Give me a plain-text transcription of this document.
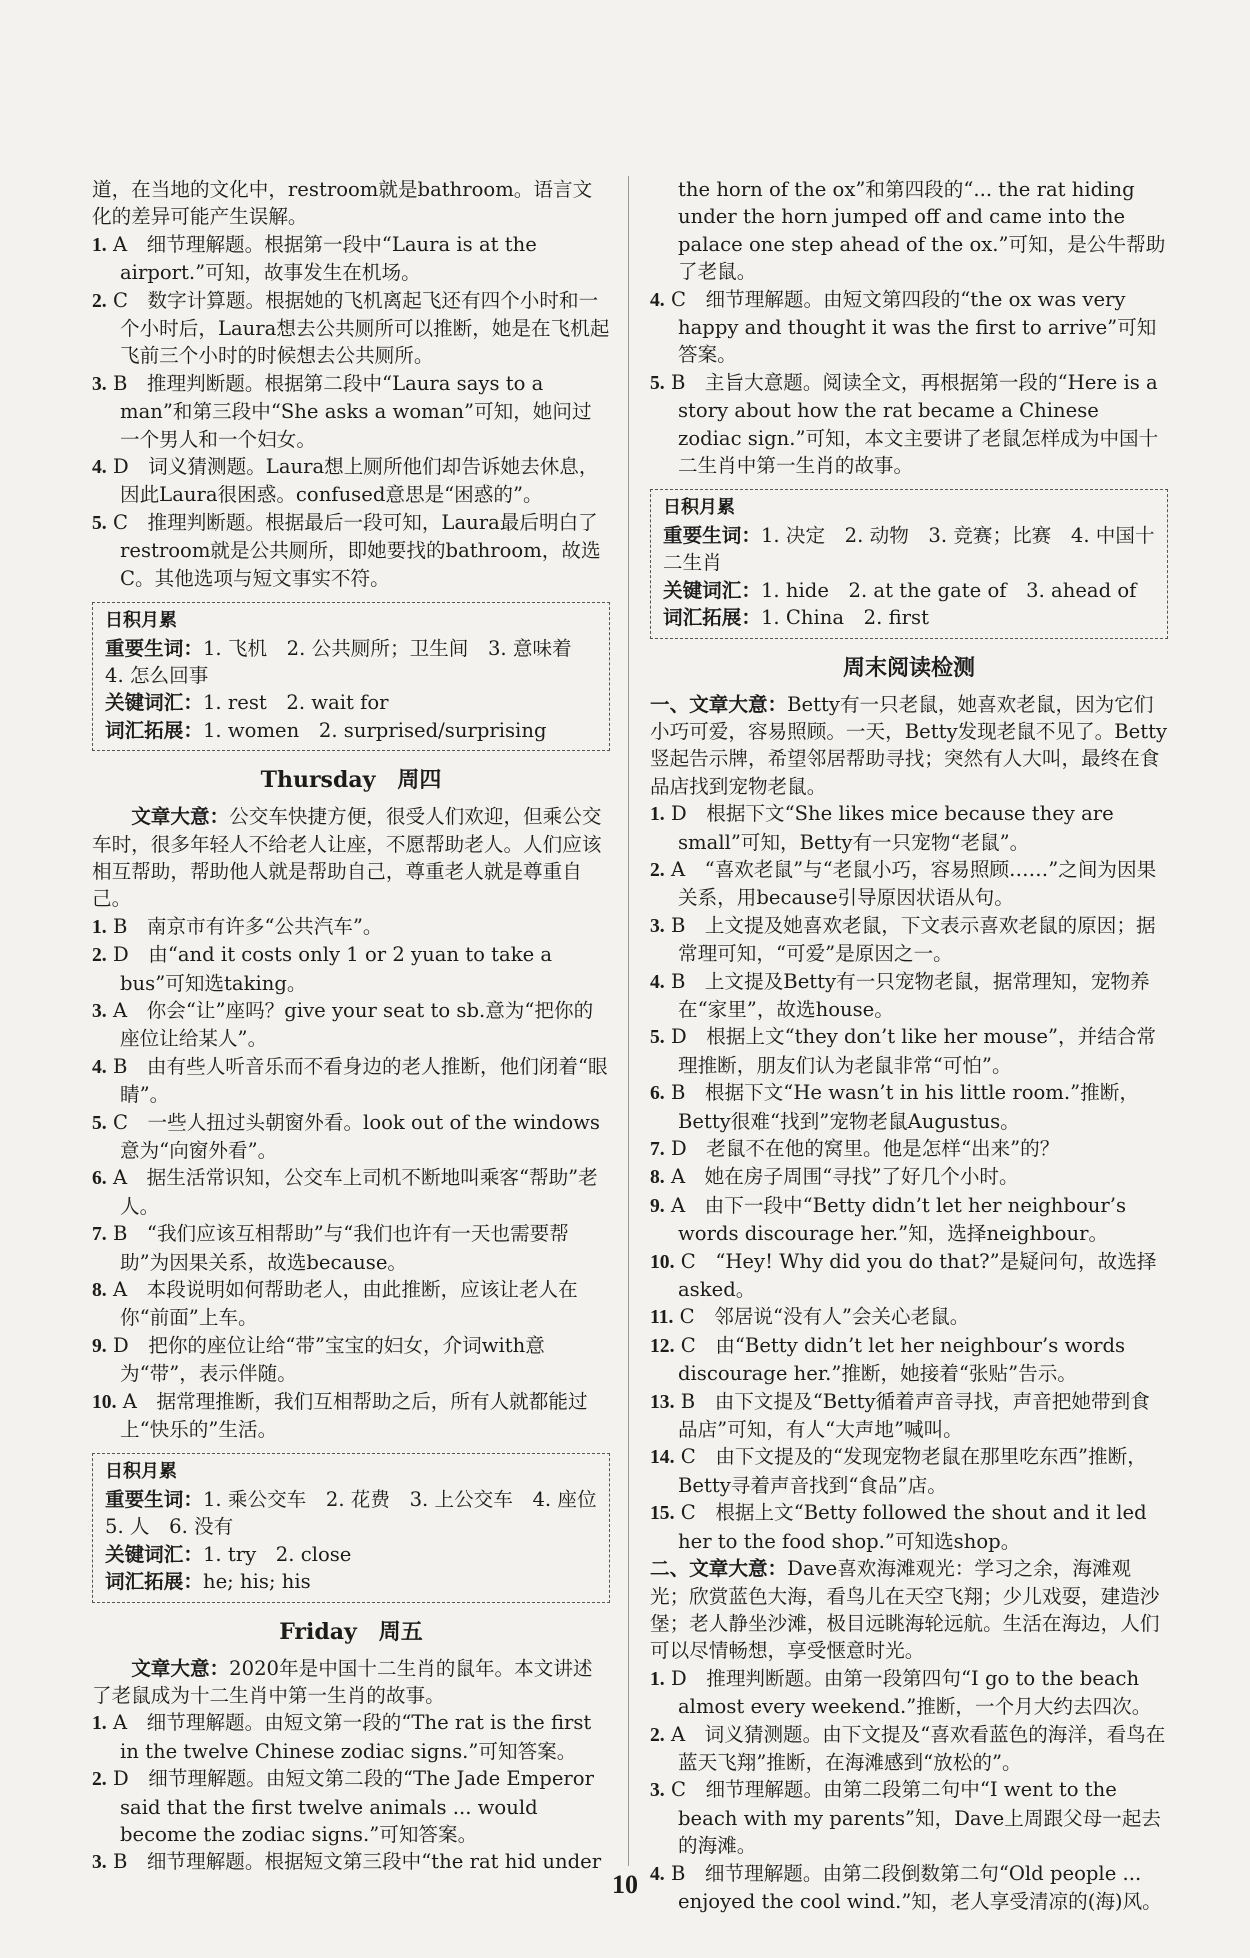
道，在当地的文化中，restroom就是bathroom。语言文化的差异可能产生误解。

1. A　细节理解题。根据第一段中“Laura is at the airport.”可知，故事发生在机场。

2. C　数字计算题。根据她的飞机离起飞还有四个小时和一个小时后，Laura想去公共厕所可以推断，她是在飞机起飞前三个小时的时候想去公共厕所。

3. B　推理判断题。根据第二段中“Laura says to a man”和第三段中“She asks a woman”可知，她问过一个男人和一个妇女。

4. D　词义猜测题。Laura想上厕所他们却告诉她去休息，因此Laura很困惑。confused意思是“困惑的”。

5. C　推理判断题。根据最后一段可知，Laura最后明白了restroom就是公共厕所，即她要找的bathroom，故选C。其他选项与短文事实不符。

日积月累
重要生词：1. 飞机　2. 公共厕所；卫生间　3. 意味着　4. 怎么回事
关键词汇：1. rest　2. wait for
词汇拓展：1. women　2. surprised/surprising
Thursday　周四

文章大意：公交车快捷方便，很受人们欢迎，但乘公交车时，很多年轻人不给老人让座，不愿帮助老人。人们应该相互帮助，帮助他人就是帮助自己，尊重老人就是尊重自己。

1. B　南京市有许多“公共汽车”。

2. D　由“and it costs only 1 or 2 yuan to take a bus”可知选taking。

3. A　你会“让”座吗？give your seat to sb.意为“把你的座位让给某人”。

4. B　由有些人听音乐而不看身边的老人推断，他们闭着“眼睛”。

5. C　一些人扭过头朝窗外看。look out of the windows意为“向窗外看”。

6. A　据生活常识知，公交车上司机不断地叫乘客“帮助”老人。

7. B　“我们应该互相帮助”与“我们也许有一天也需要帮助”为因果关系，故选because。

8. A　本段说明如何帮助老人，由此推断，应该让老人在你“前面”上车。

9. D　把你的座位让给“带”宝宝的妇女，介词with意为“带”，表示伴随。

10. A　据常理推断，我们互相帮助之后，所有人就都能过上“快乐的”生活。

日积月累
重要生词：1. 乘公交车　2. 花费　3. 上公交车　4. 座位　5. 人　6. 没有
关键词汇：1. try　2. close
词汇拓展：he; his; his
Friday　周五

文章大意：2020年是中国十二生肖的鼠年。本文讲述了老鼠成为十二生肖中第一生肖的故事。

1. A　细节理解题。由短文第一段的“The rat is the first in the twelve Chinese zodiac signs.”可知答案。

2. D　细节理解题。由短文第二段的“The Jade Emperor said that the first twelve animals ... would become the zodiac signs.”可知答案。

3. B　细节理解题。根据短文第三段中“the rat hid under

the horn of the ox”和第四段的“... the rat hiding under the horn jumped off and came into the palace one step ahead of the ox.”可知，是公牛帮助了老鼠。

4. C　细节理解题。由短文第四段的“the ox was very happy and thought it was the first to arrive”可知答案。

5. B　主旨大意题。阅读全文，再根据第一段的“Here is a story about how the rat became a Chinese zodiac sign.”可知，本文主要讲了老鼠怎样成为中国十二生肖中第一生肖的故事。

日积月累
重要生词：1. 决定　2. 动物　3. 竞赛；比赛　4. 中国十二生肖
关键词汇：1. hide　2. at the gate of　3. ahead of
词汇拓展：1. China　2. first
周末阅读检测

一、文章大意：Betty有一只老鼠，她喜欢老鼠，因为它们小巧可爱，容易照顾。一天，Betty发现老鼠不见了。Betty竖起告示牌，希望邻居帮助寻找；突然有人大叫，最终在食品店找到宠物老鼠。

1. D　根据下文“She likes mice because they are small”可知，Betty有一只宠物“老鼠”。

2. A　“喜欢老鼠”与“老鼠小巧，容易照顾……”之间为因果关系，用because引导原因状语从句。

3. B　上文提及她喜欢老鼠，下文表示喜欢老鼠的原因；据常理可知，“可爱”是原因之一。

4. B　上文提及Betty有一只宠物老鼠，据常理知，宠物养在“家里”，故选house。

5. D　根据上文“they don’t like her mouse”，并结合常理推断，朋友们认为老鼠非常“可怕”。

6. B　根据下文“He wasn’t in his little room.”推断，Betty很难“找到”宠物老鼠Augustus。

7. D　老鼠不在他的窝里。他是怎样“出来”的？

8. A　她在房子周围“寻找”了好几个小时。

9. A　由下一段中“Betty didn’t let her neighbour’s words discourage her.”知，选择neighbour。

10. C　“Hey! Why did you do that?”是疑问句，故选择asked。

11. C　邻居说“没有人”会关心老鼠。

12. C　由“Betty didn’t let her neighbour’s words discourage her.”推断，她接着“张贴”告示。

13. B　由下文提及“Betty循着声音寻找，声音把她带到食品店”可知，有人“大声地”喊叫。

14. C　由下文提及的“发现宠物老鼠在那里吃东西”推断，Betty寻着声音找到“食品”店。

15. C　根据上文“Betty followed the shout and it led her to the food shop.”可知选shop。

二、文章大意：Dave喜欢海滩观光：学习之余，海滩观光；欣赏蓝色大海，看鸟儿在天空飞翔；少儿戏耍，建造沙堡；老人静坐沙滩，极目远眺海轮远航。生活在海边，人们可以尽情畅想，享受惬意时光。

1. D　推理判断题。由第一段第四句“I go to the beach almost every weekend.”推断，一个月大约去四次。

2. A　词义猜测题。由下文提及“喜欢看蓝色的海洋，看鸟在蓝天飞翔”推断，在海滩感到“放松的”。

3. C　细节理解题。由第二段第二句中“I went to the beach with my parents”知，Dave上周跟父母一起去的海滩。

4. B　细节理解题。由第二段倒数第二句“Old people ... enjoyed the cool wind.”知，老人享受清凉的(海)风。

10
